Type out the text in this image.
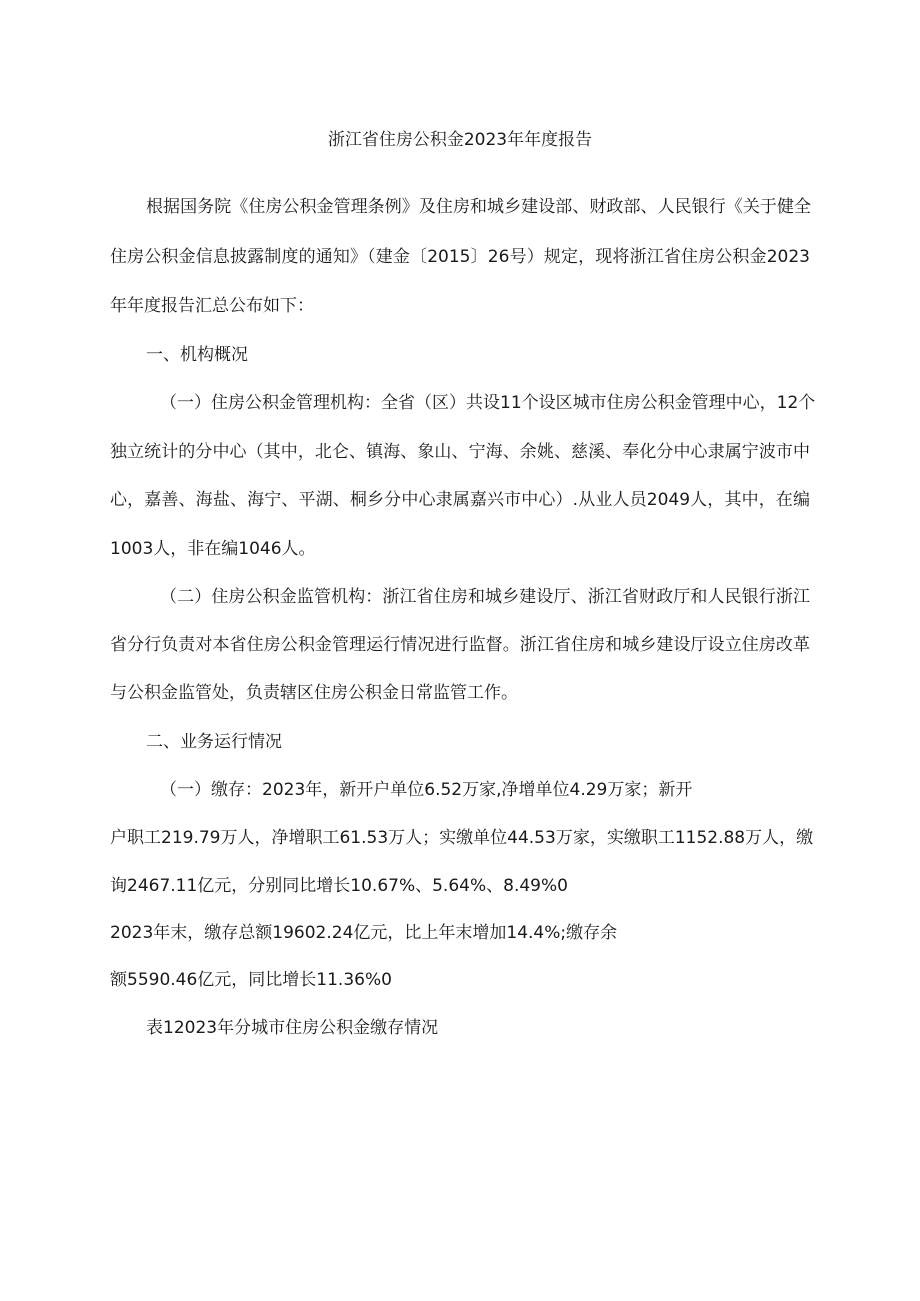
浙江省住房公积金2023年年度报告
根据国务院《住房公积金管理条例》及住房和城乡建设部、财政部、人民银行《关于健全
住房公积金信息披露制度的通知》（建金〔2015〕26号）规定，现将浙江省住房公积金2023
年年度报告汇总公布如下：
一、机构概况
（一）住房公积金管理机构：全省（区）共设11个设区城市住房公积金管理中心，12个
独立统计的分中心（其中，北仑、镇海、象山、宁海、余姚、慈溪、奉化分中心隶属宁波市中
心，嘉善、海盐、海宁、平湖、桐乡分中心隶属嘉兴市中心）.从业人员2049人，其中，在编
1003人，非在编1046人。
（二）住房公积金监管机构：浙江省住房和城乡建设厅、浙江省财政厅和人民银行浙江
省分行负责对本省住房公积金管理运行情况进行监督。浙江省住房和城乡建设厅设立住房改革
与公积金监管处，负责辖区住房公积金日常监管工作。
二、业务运行情况
（一）缴存：2023年，新开户单位6.52万家,净增单位4.29万家；新开
户职工219.79万人，净增职工61.53万人；实缴单位44.53万家，实缴职工1152.88万人，缴
询2467.11亿元，分别同比增长10.67%、5.64%、8.49%0
2023年末，缴存总额19602.24亿元，比上年末增加14.4%;缴存余
额5590.46亿元，同比增长11.36%0
表12023年分城市住房公积金缴存情况
